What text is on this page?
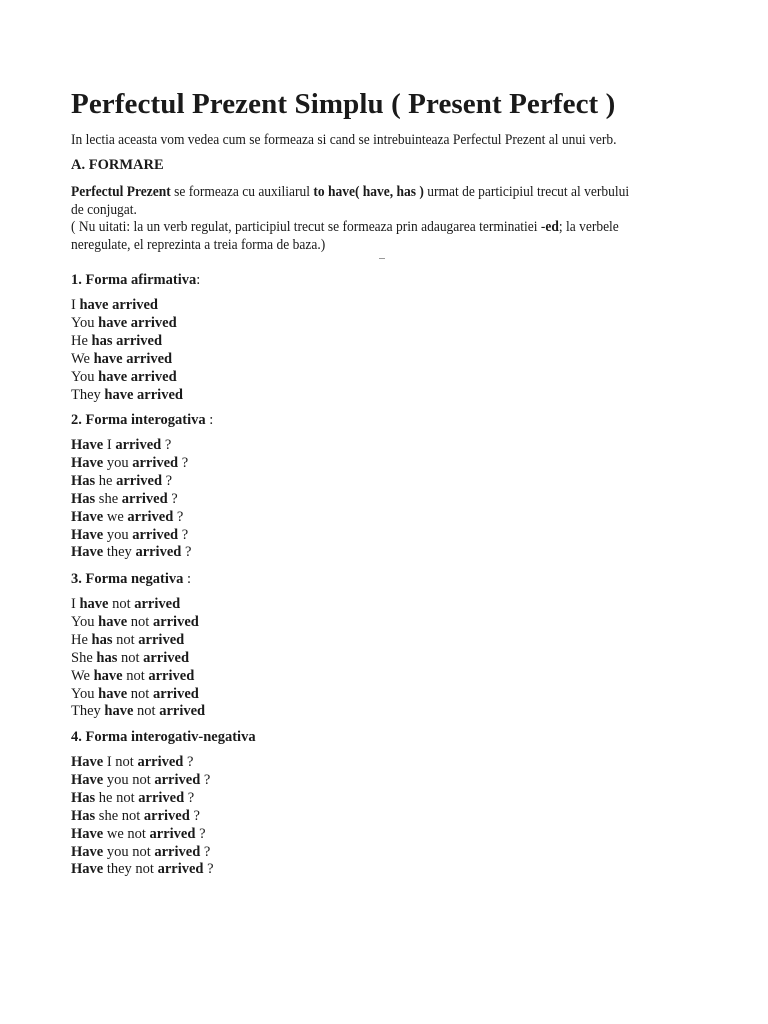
Perfectul Prezent Simplu ( Present Perfect )
In lectia aceasta vom vedea cum se formeaza si cand se intrebuinteaza Perfectul Prezent al unui verb.
A. FORMARE
Perfectul Prezent se formeaza cu auxiliarul to have( have, has ) urmat de participiul trecut al verbului
de conjugat.
( Nu uitati: la un verb regulat, participiul trecut se formeaza prin adaugarea terminatiei -ed; la verbele
neregulate, el reprezinta a treia forma de baza.)
1. Forma afirmativa:
I have arrived
You have arrived
He has arrived
We have arrived
You have arrived
They have arrived
2. Forma interogativa :
Have I arrived ?
Have you arrived ?
Has he arrived ?
Has she arrived ?
Have we arrived ?
Have you arrived ?
Have they arrived ?
3. Forma negativa :
I have not arrived
You have not arrived
He has not arrived
She has not arrived
We have not arrived
You have not arrived
They have not arrived
4. Forma interogativ-negativa
Have I not arrived ?
Have you not arrived ?
Has he not arrived ?
Has she not arrived ?
Have we not arrived ?
Have you not arrived ?
Have they not arrived ?
